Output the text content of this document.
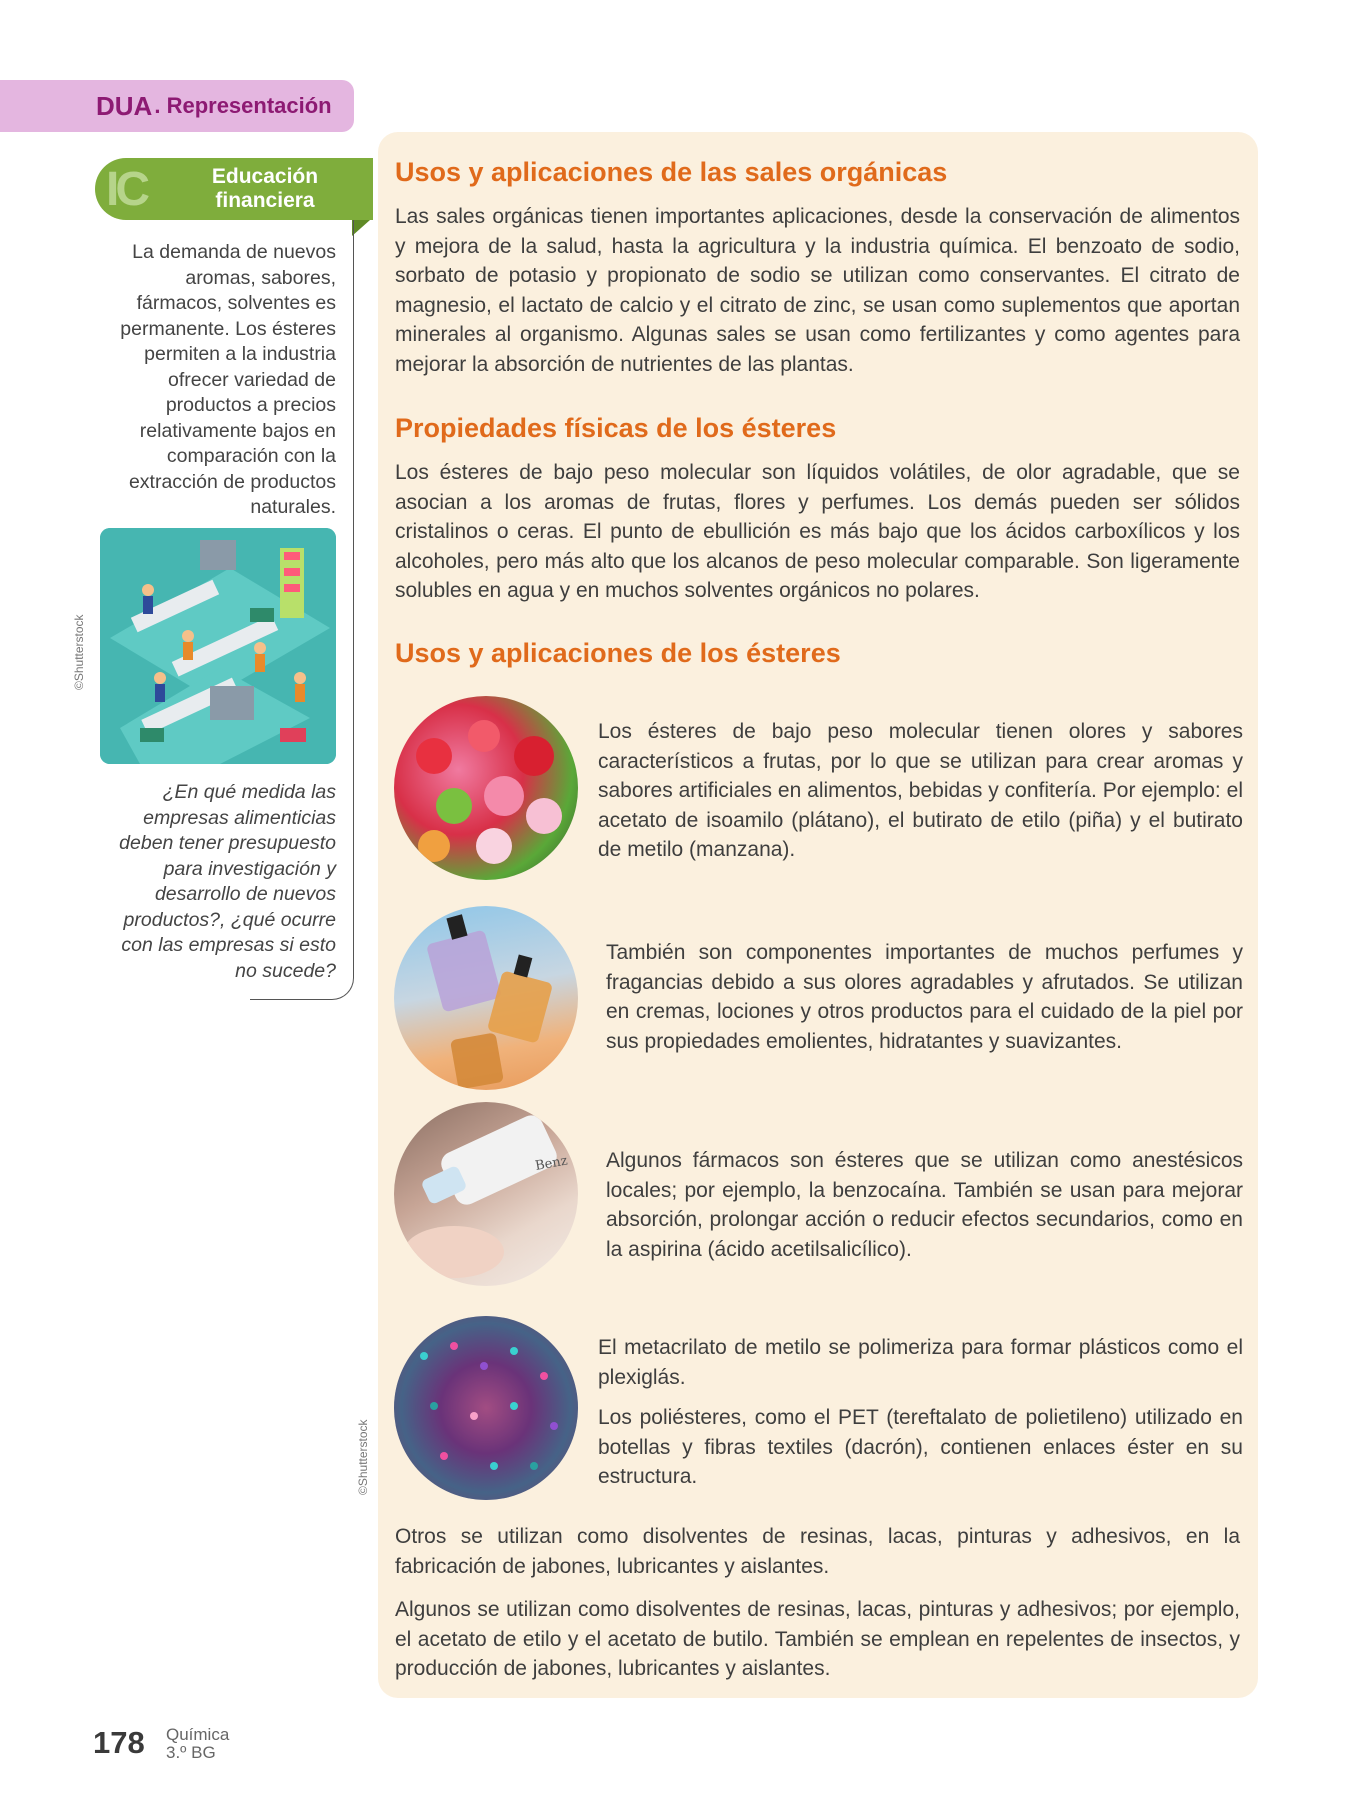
DUA . Representación
IC	Educación financiera
La demanda de nuevos aromas, sabores, fármacos, solventes es permanente. Los ésteres permiten a la industria ofrecer variedad de productos a precios relativamente bajos en comparación con la extracción de productos naturales.
©Shutterstock
¿En qué medida las empresas alimenticias deben tener presupuesto para investigación y desarrollo de nuevos productos?, ¿qué ocurre con las empresas si esto no sucede?
Usos y aplicaciones de las sales orgánicas
Las sales orgánicas tienen importantes aplicaciones, desde la conservación de alimentos y mejora de la salud, hasta la agricultura y la industria química. El benzoato de sodio, sorbato de potasio y propionato de sodio se utilizan como conservantes. El citrato de magnesio, el lactato de calcio y el citrato de zinc, se usan como suplementos que aportan minerales al organismo. Algunas sales se usan como fertilizantes y como agentes para mejorar la absorción de nutrientes de las plantas.
Propiedades físicas de los ésteres
Los ésteres de bajo peso molecular son líquidos volátiles, de olor agradable, que se asocian a los aromas de frutas, flores y perfumes. Los demás pueden ser sólidos cristalinos o ceras. El punto de ebullición es más bajo que los ácidos carboxílicos y los alcoholes, pero más alto que los alcanos de peso molecular comparable. Son ligeramente solubles en agua y en muchos solventes orgánicos no polares.
Usos y aplicaciones de los ésteres
Los ésteres de bajo peso molecular tienen olores y sabores característicos a frutas, por lo que se utilizan para crear aromas y sabores artificiales en alimentos, bebidas y confitería. Por ejemplo: el acetato de isoamilo (plátano), el butirato de etilo (piña) y el butirato de metilo (manzana).
También son componentes importantes de muchos perfumes y fragancias debido a sus olores agradables y afrutados. Se utilizan en cremas, lociones y otros productos para el cuidado de la piel por sus propiedades emolientes, hidratantes y suavizantes.
Benz Algunos fármacos son ésteres que se utilizan como anestésicos locales; por ejemplo, la benzocaína. También se usan para mejorar absorción, prolongar acción o reducir efectos secundarios, como en la aspirina (ácido acetilsalicílico).
El metacrilato de metilo se polimeriza para formar plásticos como el plexiglás.
Los poliésteres, como el PET (tereftalato de polietileno) utilizado en botellas y fibras textiles (dacrón), contienen enlaces éster en su estructura.
©Shutterstock
Otros se utilizan como disolventes de resinas, lacas, pinturas y adhesivos, en la fabricación de jabones, lubricantes y aislantes.
Algunos se utilizan como disolventes de resinas, lacas, pinturas y adhesivos; por ejemplo, el acetato de etilo y el acetato de butilo. También se emplean en repelentes de insectos, y producción de jabones, lubricantes y aislantes.
178 Química
3.º BG
